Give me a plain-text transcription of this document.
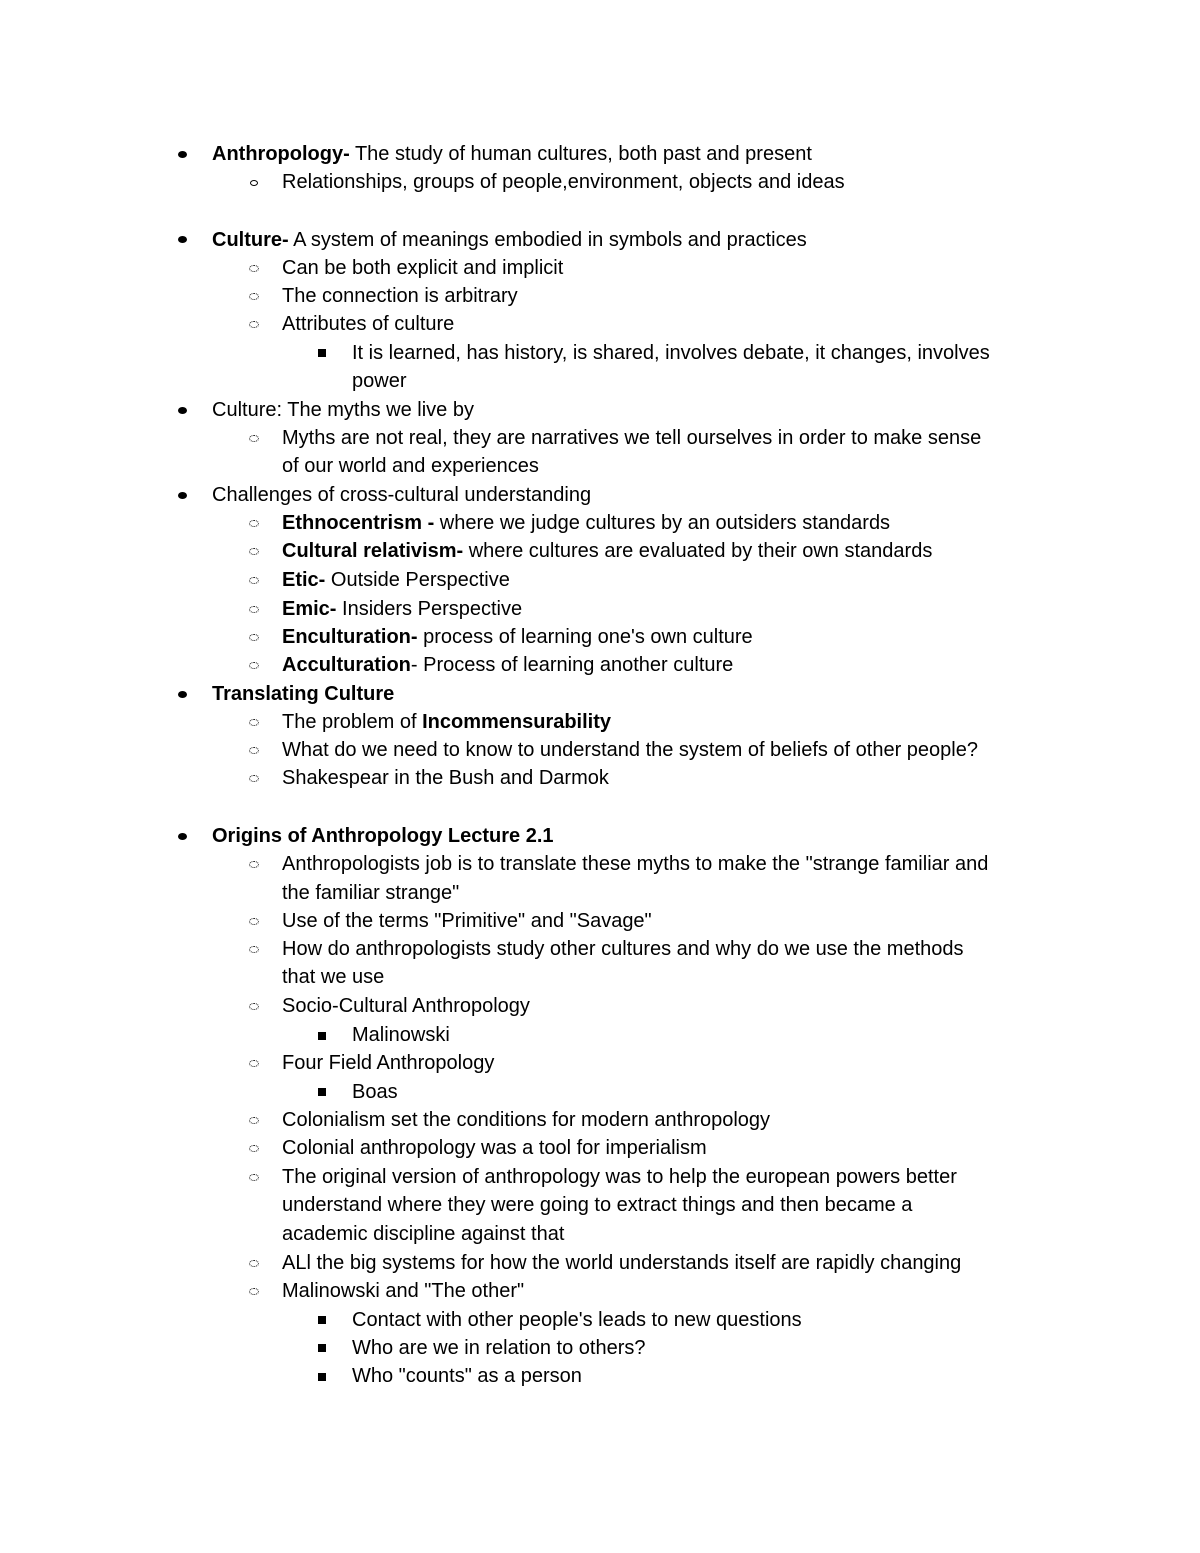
Anthropology- The study of human cultures, both past and present
Relationships, groups of people,environment, objects and ideas
Culture- A system of meanings embodied in symbols and practices
Can be both explicit and implicit
The connection is arbitrary
Attributes of culture
It is learned, has history, is shared, involves debate, it changes, involves
power
Culture: The myths we live by
Myths are not real, they are narratives we tell ourselves in order to make sense
of our world and experiences
Challenges of cross-cultural understanding
Ethnocentrism - where we judge cultures by an outsiders standards
Cultural relativism- where cultures are evaluated by their own standards
Etic- Outside Perspective
Emic- Insiders Perspective
Enculturation- process of learning one's own culture
Acculturation- Process of learning another culture
Translating Culture
The problem of Incommensurability
What do we need to know to understand the system of beliefs of other people?
Shakespear in the Bush and Darmok
Origins of Anthropology Lecture 2.1
Anthropologists job is to translate these myths to make the "strange familiar and
the familiar strange"
Use of the terms "Primitive" and "Savage"
How do anthropologists study other cultures and why do we use the methods
that we use
Socio-Cultural Anthropology
Malinowski
Four Field Anthropology
Boas
Colonialism set the conditions for modern anthropology
Colonial anthropology was a tool for imperialism
The original version of anthropology was to help the european powers better
understand where they were going to extract things and then became a
academic discipline against that
ALl the big systems for how the world understands itself are rapidly changing
Malinowski and "The other"
Contact with other people's leads to new questions
Who are we in relation to others?
Who "counts" as a person
